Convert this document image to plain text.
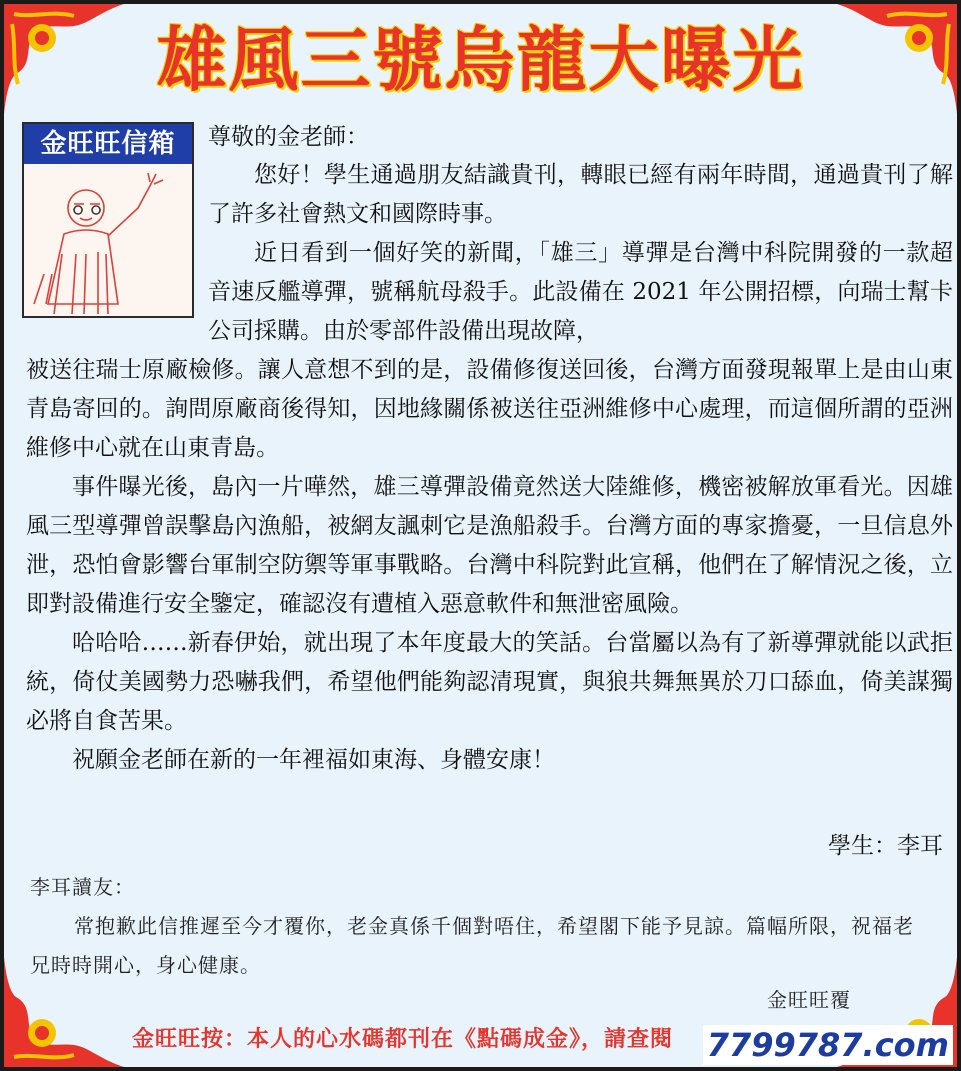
雄風三號烏龍大曝光
金旺旺信箱	尊敬的金老師：

您好！學生通過朋友結識貴刊，轉眼已經有兩年時間，通過貴刊了解了許多社會熱文和國際時事。

近日看到一個好笑的新聞，「雄三」導彈是台灣中科院開發的一款超音速反艦導彈，號稱航母殺手。此設備在 2021 年公開招標，向瑞士幫卡公司採購。由於零部件設備出現故障，

被送往瑞士原廠檢修。讓人意想不到的是，設備修復送回後，台灣方面發現報單上是由山東青島寄回的。詢問原廠商後得知，因地緣關係被送往亞洲維修中心處理，而這個所謂的亞洲維修中心就在山東青島。

事件曝光後，島內一片嘩然，雄三導彈設備竟然送大陸維修，機密被解放軍看光。因雄風三型導彈曾誤擊島內漁船，被網友諷刺它是漁船殺手。台灣方面的專家擔憂，一旦信息外泄，恐怕會影響台軍制空防禦等軍事戰略。台灣中科院對此宣稱，他們在了解情況之後，立即對設備進行安全鑒定，確認沒有遭植入惡意軟件和無泄密風險。

哈哈哈……新春伊始，就出現了本年度最大的笑話。台當屬以為有了新導彈就能以武拒統，倚仗美國勢力恐嚇我們，希望他們能夠認清現實，與狼共舞無異於刀口舔血，倚美謀獨必將自食苦果。

祝願金老師在新的一年裡福如東海、身體安康！

學生：李耳

李耳讀友：

常抱歉此信推遲至今才覆你，老金真係千個對唔住，希望閣下能予見諒。篇幅所限，祝福老兄時時開心，身心健康。

金旺旺覆
金旺旺按：本人的心水碼都刊在《點碼成金》，請查閱 7799787.com
